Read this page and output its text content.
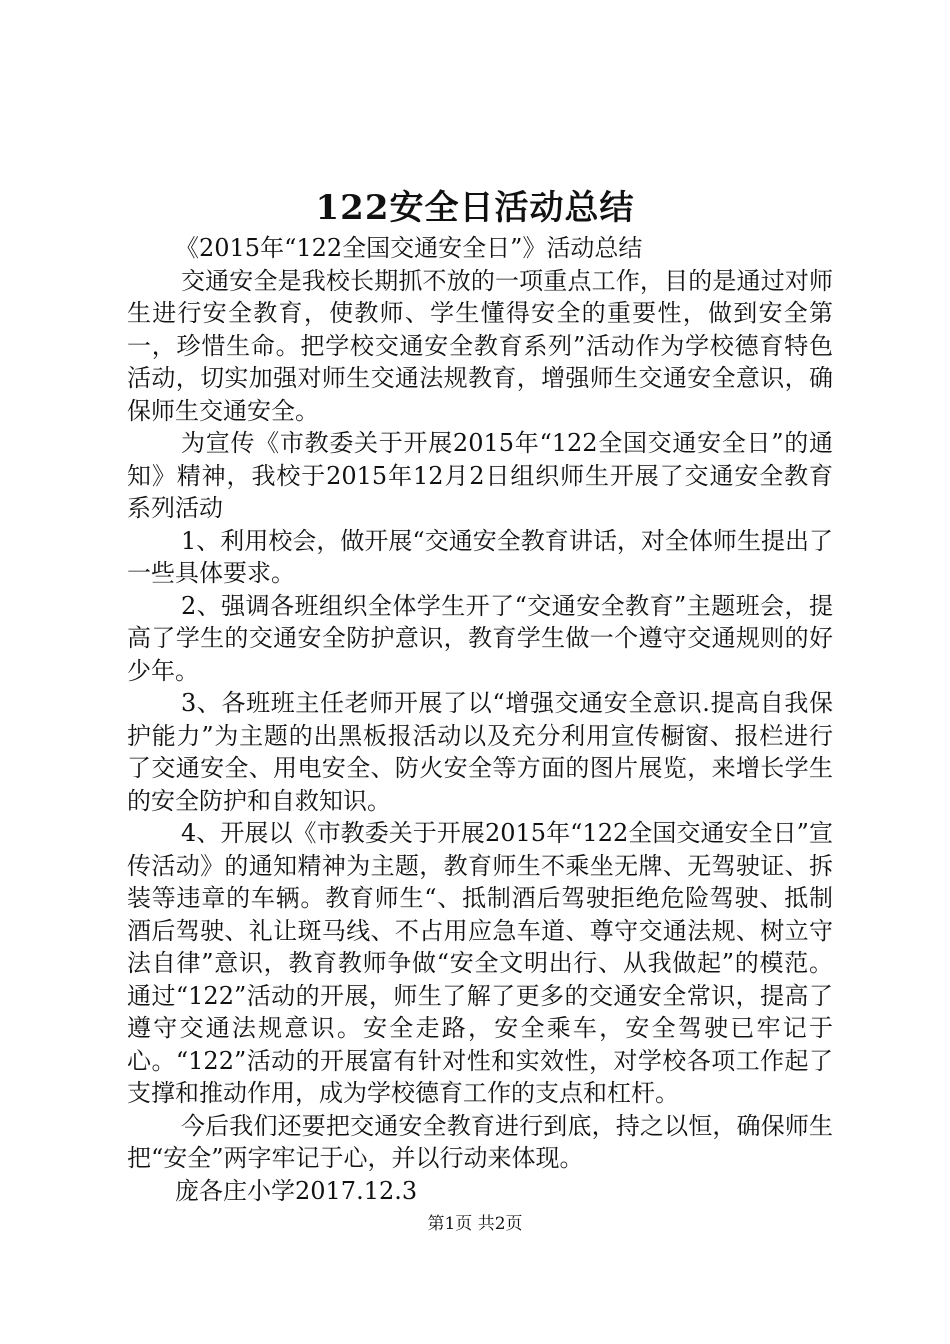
122安全日活动总结

《2015年“122全国交通安全日”》活动总结

交通安全是我校长期抓不放的一项重点工作，目的是通过对师生进行安全教育，使教师、学生懂得安全的重要性，做到安全第一，珍惜生命。把学校交通安全教育系列”活动作为学校德育特色活动，切实加强对师生交通法规教育，增强师生交通安全意识，确保师生交通安全。

为宣传《市教委关于开展2015年“122全国交通安全日”的通知》精神，我校于2015年12月2日组织师生开展了交通安全教育系列活动

1、利用校会，做开展“交通安全教育讲话，对全体师生提出了一些具体要求。

2、强调各班组织全体学生开了“交通安全教育”主题班会，提高了学生的交通安全防护意识，教育学生做一个遵守交通规则的好少年。

3、各班班主任老师开展了以“增强交通安全意识.提高自我保护能力”为主题的出黑板报活动以及充分利用宣传橱窗、报栏进行了交通安全、用电安全、防火安全等方面的图片展览，来增长学生的安全防护和自救知识。

4、开展以《市教委关于开展2015年“122全国交通安全日”宣传活动》的通知精神为主题，教育师生不乘坐无牌、无驾驶证、拆装等违章的车辆。教育师生“、抵制酒后驾驶拒绝危险驾驶、抵制酒后驾驶、礼让斑马线、不占用应急车道、尊守交通法规、树立守法自律”意识，教育教师争做“安全文明出行、从我做起”的模范。通过“122”活动的开展，师生了解了更多的交通安全常识，提高了遵守交通法规意识。安全走路，安全乘车，安全驾驶已牢记于心。“122”活动的开展富有针对性和实效性，对学校各项工作起了支撑和推动作用，成为学校德育工作的支点和杠杆。

今后我们还要把交通安全教育进行到底，持之以恒，确保师生把“安全”两字牢记于心，并以行动来体现。

庞各庄小学2017.12.3

第1页 共2页
